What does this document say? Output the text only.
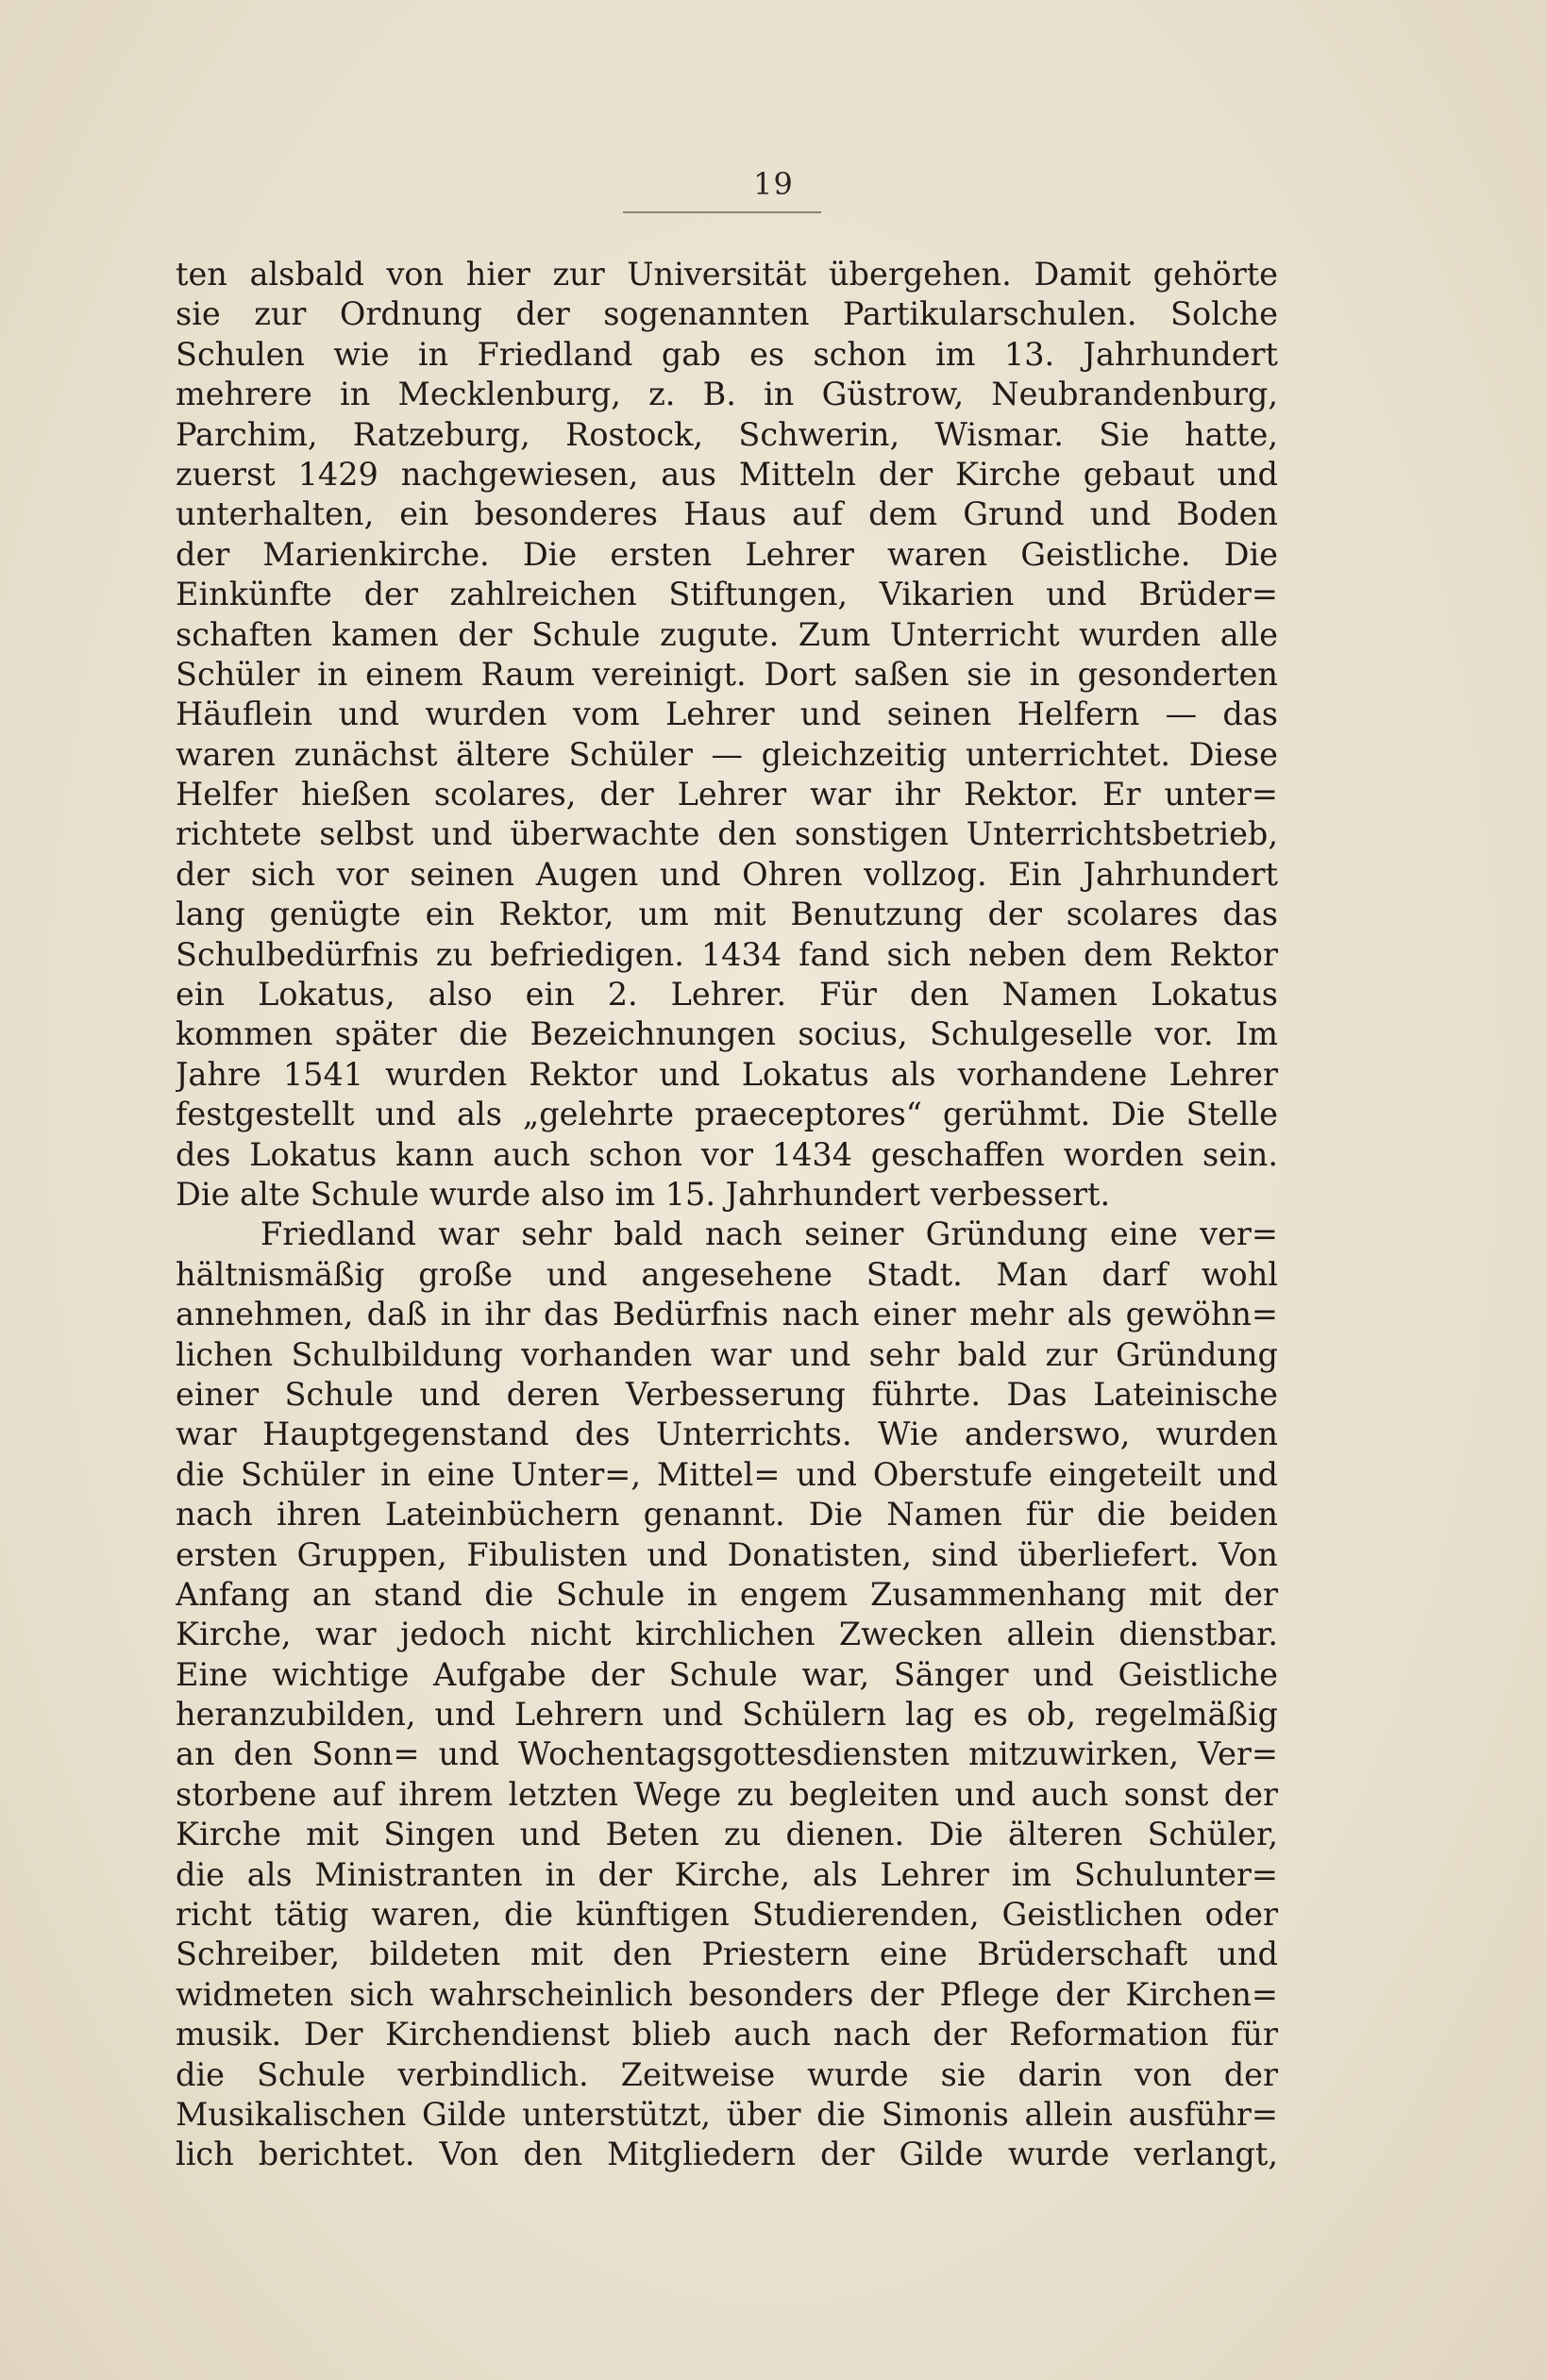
19
ten alsbald von hier zur Universität übergehen. Damit gehörte
sie zur Ordnung der sogenannten Partikularschulen. Solche
Schulen wie in Friedland gab es schon im 13. Jahrhundert
mehrere in Mecklenburg, z. B. in Güstrow, Neubrandenburg,
Parchim, Ratzeburg, Rostock, Schwerin, Wismar. Sie hatte,
zuerst 1429 nachgewiesen, aus Mitteln der Kirche gebaut und
unterhalten, ein besonderes Haus auf dem Grund und Boden
der Marienkirche. Die ersten Lehrer waren Geistliche. Die
Einkünfte der zahlreichen Stiftungen, Vikarien und Brüder=
schaften kamen der Schule zugute. Zum Unterricht wurden alle
Schüler in einem Raum vereinigt. Dort saßen sie in gesonderten
Häuflein und wurden vom Lehrer und seinen Helfern — das
waren zunächst ältere Schüler — gleichzeitig unterrichtet. Diese
Helfer hießen scolares, der Lehrer war ihr Rektor. Er unter=
richtete selbst und überwachte den sonstigen Unterrichtsbetrieb,
der sich vor seinen Augen und Ohren vollzog. Ein Jahrhundert
lang genügte ein Rektor, um mit Benutzung der scolares das
Schulbedürfnis zu befriedigen. 1434 fand sich neben dem Rektor
ein Lokatus, also ein 2. Lehrer. Für den Namen Lokatus
kommen später die Bezeichnungen socius, Schulgeselle vor. Im
Jahre 1541 wurden Rektor und Lokatus als vorhandene Lehrer
festgestellt und als „gelehrte praeceptores“ gerühmt. Die Stelle
des Lokatus kann auch schon vor 1434 geschaffen worden sein.
Die alte Schule wurde also im 15. Jahrhundert verbessert.
Friedland war sehr bald nach seiner Gründung eine ver=
hältnismäßig große und angesehene Stadt. Man darf wohl
annehmen, daß in ihr das Bedürfnis nach einer mehr als gewöhn=
lichen Schulbildung vorhanden war und sehr bald zur Gründung
einer Schule und deren Verbesserung führte. Das Lateinische
war Hauptgegenstand des Unterrichts. Wie anderswo, wurden
die Schüler in eine Unter=, Mittel= und Oberstufe eingeteilt und
nach ihren Lateinbüchern genannt. Die Namen für die beiden
ersten Gruppen, Fibulisten und Donatisten, sind überliefert. Von
Anfang an stand die Schule in engem Zusammenhang mit der
Kirche, war jedoch nicht kirchlichen Zwecken allein dienstbar.
Eine wichtige Aufgabe der Schule war, Sänger und Geistliche
heranzubilden, und Lehrern und Schülern lag es ob, regelmäßig
an den Sonn= und Wochentagsgottesdiensten mitzuwirken, Ver=
storbene auf ihrem letzten Wege zu begleiten und auch sonst der
Kirche mit Singen und Beten zu dienen. Die älteren Schüler,
die als Ministranten in der Kirche, als Lehrer im Schulunter=
richt tätig waren, die künftigen Studierenden, Geistlichen oder
Schreiber, bildeten mit den Priestern eine Brüderschaft und
widmeten sich wahrscheinlich besonders der Pflege der Kirchen=
musik. Der Kirchendienst blieb auch nach der Reformation für
die Schule verbindlich. Zeitweise wurde sie darin von der
Musikalischen Gilde unterstützt, über die Simonis allein ausführ=
lich berichtet. Von den Mitgliedern der Gilde wurde verlangt,
